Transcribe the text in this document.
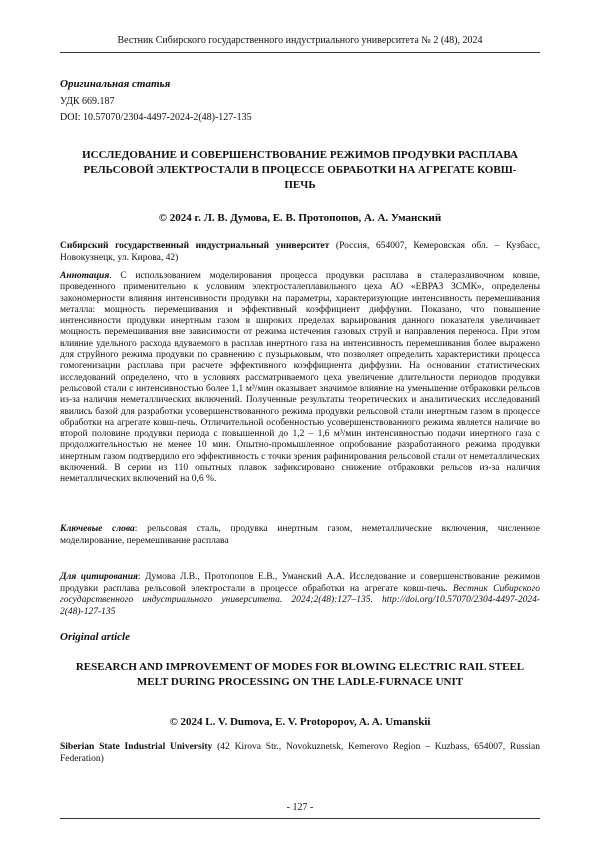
Вестник Сибирского государственного индустриального университета № 2 (48), 2024
Оригинальная статья
УДК 669.187
DOI: 10.57070/2304-4497-2024-2(48)-127-135
ИССЛЕДОВАНИЕ И СОВЕРШЕНСТВОВАНИЕ РЕЖИМОВ ПРОДУВКИ РАСПЛАВА РЕЛЬСОВОЙ ЭЛЕКТРОСТАЛИ В ПРОЦЕССЕ ОБРАБОТКИ НА АГРЕГАТЕ КОВШ-ПЕЧЬ
© 2024 г. Л. В. Думова, Е. В. Протопопов, А. А. Уманский
Сибирский государственный индустриальный университет (Россия, 654007, Кемеровская обл. – Кузбасс, Новокузнецк, ул. Кирова, 42)

Аннотация. С использованием моделирования процесса продувки расплава в сталеразливочном ковше, проведенного применительно к условиям электросталеплавильного цеха АО «ЕВРАЗ ЗСМК», определены закономерности влияния интенсивности продувки на параметры, характеризующие интенсивность перемешивания металла: мощность перемешивания и эффективный коэффициент диффузии. Показано, что повышение интенсивности продувки инертным газом в широких пределах варьирования данного показателя увеличивает мощность перемешивания вне зависимости от режима истечения газовых струй и направления переноса. При этом влияние удельного расхода вдуваемого в расплав инертного газа на интенсивность перемешивания более выражено для струйного режима продувки по сравнению с пузырьковым, что позволяет определить характеристики процесса гомогенизации расплава при расчете эффективного коэффициента диффузии. На основании статистических исследований определено, что в условиях рассматриваемого цеха увеличение длительности периодов продувки рельсовой стали с интенсивностью более 1,1 м³/мин оказывает значимое влияние на уменьшение отбраковки рельсов из-за наличия неметаллических включений. Полученные результаты теоретических и аналитических исследований явились базой для разработки усовершенствованного режима продувки рельсовой стали инертным газом в процессе обработки на агрегате ковш-печь. Отличительной особенностью усовершенствованного режима является наличие во второй половине продувки периода с повышенной до 1,2 – 1,6 м³/мин интенсивностью подачи инертного газа с продолжительностью не менее 10 мин. Опытно-промышленное опробование разработанного режима продувки инертным газом подтвердило его эффективность с точки зрения рафинирования рельсовой стали от неметаллических включений. В серии из 110 опытных плавок зафиксировано снижение отбраковки рельсов из-за наличия неметаллических включений на 0,6 %.

Ключевые слова: рельсовая сталь, продувка инертным газом, неметаллические включения, численное моделирование, перемешивание расплава
Для цитирования: Думова Л.В., Протопопов Е.В., Уманский А.А. Исследование и совершенствование режимов продувки расплава рельсовой электростали в процессе обработки на агрегате ковш-печь. Вестник Сибирского государственного индустриального университета. 2024;2(48):127–135. http://doi.org/10.57070/2304-4497-2024-2(48)-127-135
Original article
RESEARCH AND IMPROVEMENT OF MODES FOR BLOWING ELECTRIC RAIL STEEL MELT DURING PROCESSING ON THE LADLE-FURNACE UNIT
© 2024 L. V. Dumova, E. V. Protopopov, A. A. Umanskii
Siberian State Industrial University (42 Kirova Str., Novokuznetsk, Kemerovo Region – Kuzbass, 654007, Russian Federation)
- 127 -
